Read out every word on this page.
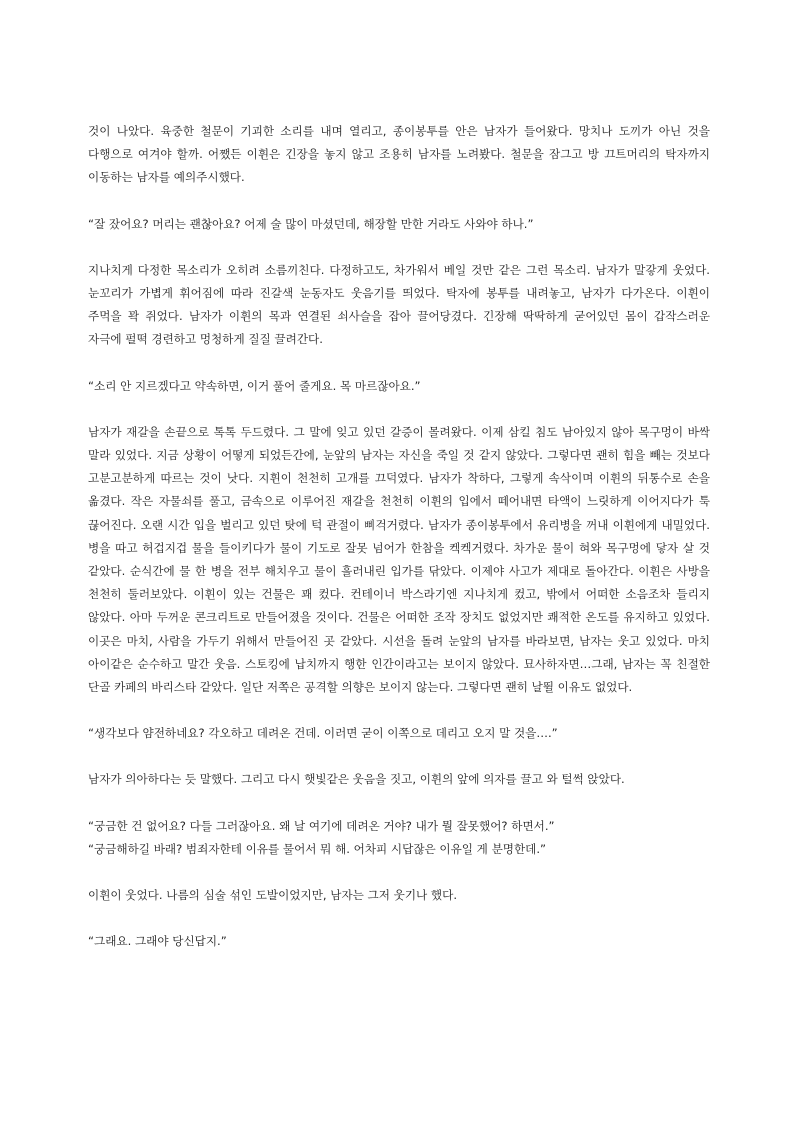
것이 나았다. 육중한 철문이 기괴한 소리를 내며 열리고, 종이봉투를 안은 남자가 들어왔다. 망치나 도끼가 아닌 것을 다행으로 여겨야 할까. 어쨌든 이휜은 긴장을 놓지 않고 조용히 남자를 노려봤다. 철문을 잠그고 방 끄트머리의 탁자까지 이동하는 남자를 예의주시했다.

“잘 잤어요? 머리는 괜찮아요? 어제 술 많이 마셨던데, 해장할 만한 거라도 사와야 하나.”

지나치게 다정한 목소리가 오히려 소름끼친다. 다정하고도, 차가워서 베일 것만 같은 그런 목소리. 남자가 말갛게 웃었다. 눈꼬리가 가볍게 휘어짐에 따라 진갈색 눈동자도 웃음기를 띄었다. 탁자에 봉투를 내려놓고, 남자가 다가온다. 이휜이 주먹을 꽉 쥐었다. 남자가 이휜의 목과 연결된 쇠사슬을 잡아 끌어당겼다. 긴장해 딱딱하게 굳어있던 몸이 갑작스러운 자극에 펄떡 경련하고 멍청하게 질질 끌려간다.

“소리 안 지르겠다고 약속하면, 이거 풀어 줄게요. 목 마르잖아요.”

남자가 재갈을 손끝으로 톡톡 두드렸다. 그 말에 잊고 있던 갈증이 몰려왔다. 이제 삼킬 침도 남아있지 않아 목구멍이 바싹 말라 있었다. 지금 상황이 어떻게 되었든간에, 눈앞의 남자는 자신을 죽일 것 같지 않았다. 그렇다면 괜히 힘을 빼는 것보다 고분고분하게 따르는 것이 낫다. 지휜이 천천히 고개를 끄덕였다. 남자가 착하다, 그렇게 속삭이며 이휜의 뒤통수로 손을 옮겼다. 작은 자물쇠를 풀고, 금속으로 이루어진 재갈을 천천히 이휜의 입에서 떼어내면 타액이 느릿하게 이어지다가 툭 끊어진다. 오랜 시간 입을 벌리고 있던 탓에 턱 관절이 삐걱거렸다. 남자가 종이봉투에서 유리병을 꺼내 이휜에게 내밀었다. 병을 따고 허겁지겁 물을 들이키다가 물이 기도로 잘못 넘어가 한참을 켁켁거렸다. 차가운 물이 혀와 목구멍에 닿자 살 것 같았다. 순식간에 물 한 병을 전부 해치우고 물이 흘러내린 입가를 닦았다. 이제야 사고가 제대로 돌아간다. 이휜은 사방을 천천히 둘러보았다. 이휜이 있는 건물은 꽤 컸다. 컨테이너 박스라기엔 지나치게 컸고, 밖에서 어떠한 소음조차 들리지 않았다. 아마 두꺼운 콘크리트로 만들어졌을 것이다. 건물은 어떠한 조작 장치도 없었지만 쾌적한 온도를 유지하고 있었다. 이곳은 마치, 사람을 가두기 위해서 만들어진 곳 같았다. 시선을 돌려 눈앞의 남자를 바라보면, 남자는 웃고 있었다. 마치 아이같은 순수하고 말간 웃음. 스토킹에 납치까지 행한 인간이라고는 보이지 않았다. 묘사하자면…그래, 남자는 꼭 친절한 단골 카페의 바리스타 같았다. 일단 저쪽은 공격할 의향은 보이지 않는다. 그렇다면 괜히 날뛸 이유도 없었다.

“생각보다 얌전하네요? 각오하고 데려온 건데. 이러면 굳이 이쪽으로 데리고 오지 말 것을….”

남자가 의아하다는 듯 말했다. 그리고 다시 햇빛같은 웃음을 짓고, 이휜의 앞에 의자를 끌고 와 털썩 앉았다.

“궁금한 건 없어요? 다들 그러잖아요. 왜 날 여기에 데려온 거야? 내가 뭘 잘못했어? 하면서.”

“궁금해하길 바래? 범죄자한테 이유를 물어서 뭐 해. 어차피 시답잖은 이유일 게 분명한데.”

이휜이 웃었다. 나름의 심술 섞인 도발이었지만, 남자는 그저 웃기나 했다.

“그래요. 그래야 당신답지.”
